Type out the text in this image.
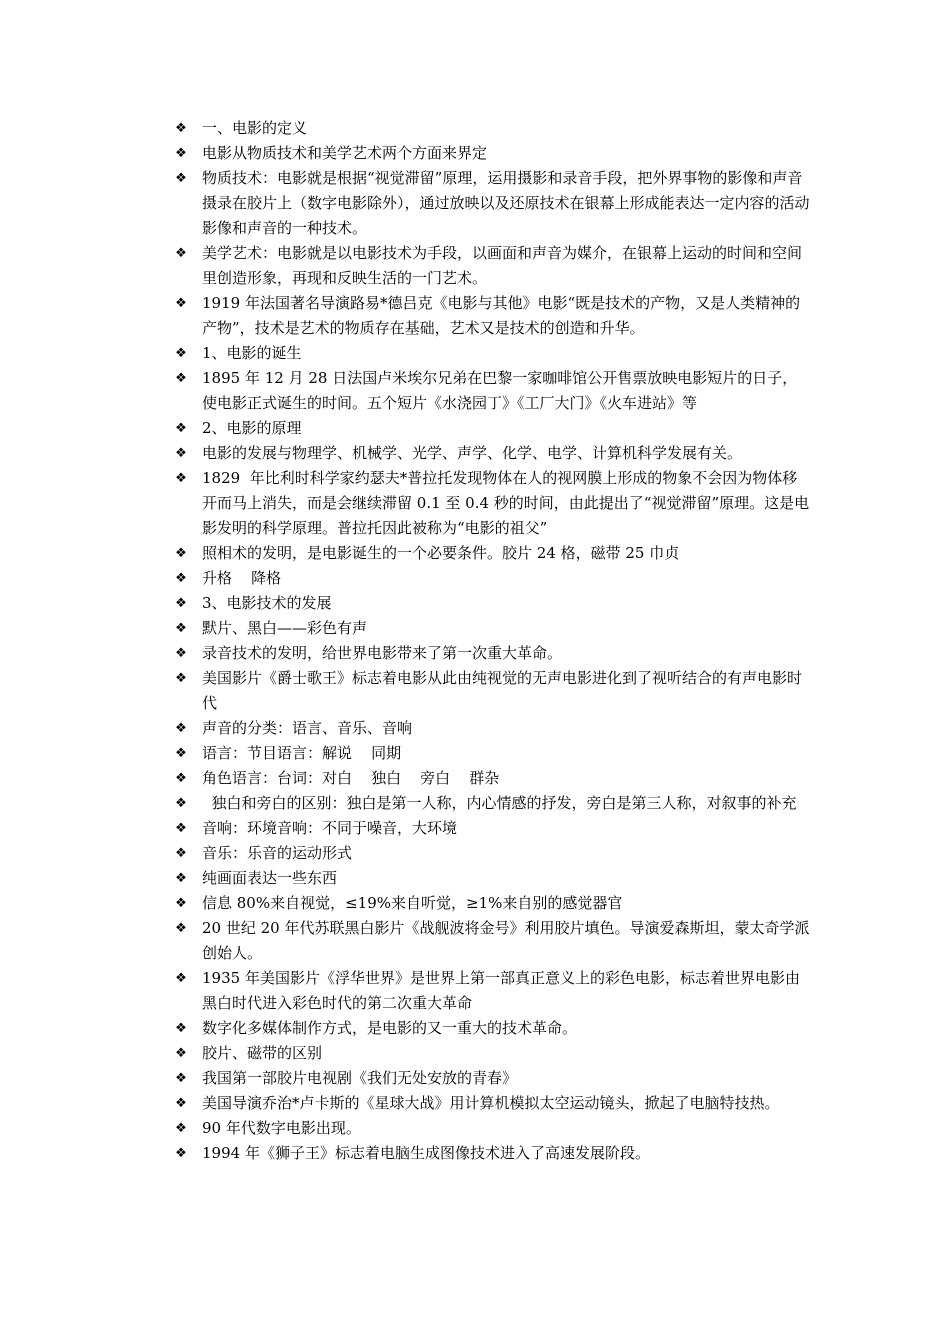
❖ 一、电影的定义
❖ 电影从物质技术和美学艺术两个方面来界定
❖ 物质技术：电影就是根据“视觉滞留”原理，运用摄影和录音手段，把外界事物的影像和声音摄录在胶片上（数字电影除外），通过放映以及还原技术在银幕上形成能表达一定内容的活动影像和声音的一种技术。
❖ 美学艺术：电影就是以电影技术为手段，以画面和声音为媒介，在银幕上运动的时间和空间里创造形象，再现和反映生活的一门艺术。
❖ 1919 年法国著名导演路易*德吕克《电影与其他》电影“既是技术的产物，又是人类精神的产物”，技术是艺术的物质存在基础，艺术又是技术的创造和升华。
❖ 1、电影的诞生
❖ 1895 年 12 月 28 日法国卢米埃尔兄弟在巴黎一家咖啡馆公开售票放映电影短片的日子，使电影正式诞生的时间。五个短片《水浇园丁》《工厂大门》《火车进站》等
❖ 2、电影的原理
❖ 电影的发展与物理学、机械学、光学、声学、化学、电学、计算机科学发展有关。
❖ 1829  年比利时科学家约瑟夫*普拉托发现物体在人的视网膜上形成的物象不会因为物体移开而马上消失，而是会继续滞留 0.1 至 0.4 秒的时间，由此提出了“视觉滞留”原理。这是电影发明的科学原理。普拉托因此被称为“电影的祖父”
❖ 照相术的发明，是电影诞生的一个必要条件。胶片 24 格，磁带 25 巾贞
❖ 升格    降格
❖ 3、电影技术的发展
❖ 默片、黑白——彩色有声
❖ 录音技术的发明，给世界电影带来了第一次重大革命。
❖ 美国影片《爵士歌王》标志着电影从此由纯视觉的无声电影进化到了视听结合的有声电影时代
❖ 声音的分类：语言、音乐、音响
❖ 语言：节目语言：解说    同期
❖ 角色语言：台词：对白    独白    旁白    群杂
❖ 独白和旁白的区别：独白是第一人称，内心情感的抒发，旁白是第三人称，对叙事的补充
❖ 音响：环境音响：不同于噪音，大环境
❖ 音乐：乐音的运动形式
❖ 纯画面表达一些东西
❖ 信息 80%来自视觉，≤19%来自听觉，≥1%来自别的感觉器官
❖ 20 世纪 20 年代苏联黑白影片《战舰波将金号》利用胶片填色。导演爱森斯坦，蒙太奇学派创始人。
❖ 1935 年美国影片《浮华世界》是世界上第一部真正意义上的彩色电影，标志着世界电影由黑白时代进入彩色时代的第二次重大革命
❖ 数字化多媒体制作方式，是电影的又一重大的技术革命。
❖ 胶片、磁带的区别
❖ 我国第一部胶片电视剧《我们无处安放的青春》
❖ 美国导演乔治*卢卡斯的《星球大战》用计算机模拟太空运动镜头，掀起了电脑特技热。
❖ 90 年代数字电影出现。
❖ 1994 年《狮子王》标志着电脑生成图像技术进入了高速发展阶段。
